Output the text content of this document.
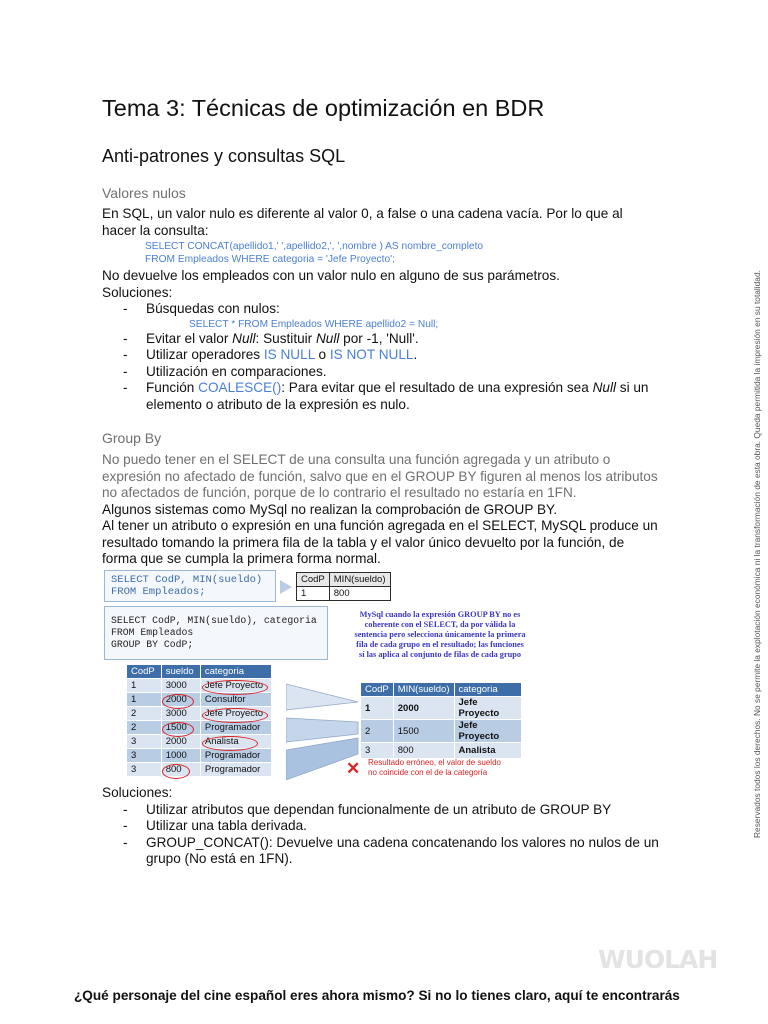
Tema 3: Técnicas de optimización en BDR
Anti-patrones y consultas SQL
Valores nulos
En SQL, un valor nulo es diferente al valor 0, a false o una cadena vacía. Por lo que al
hacer la consulta:
SELECT CONCAT(apellido1,' ',apellido2,', ',nombre ) AS nombre_completo
FROM Empleados WHERE categoria = 'Jefe Proyecto';
No devuelve los empleados con un valor nulo en alguno de sus parámetros.
Soluciones:
- Búsquedas con nulos:
SELECT * FROM Empleados WHERE apellido2 = Null;
- Evitar el valor Null: Sustituir Null por -1, 'Null'.
- Utilizar operadores IS NULL o IS NOT NULL.
- Utilización en comparaciones.
- Función COALESCE(): Para evitar que el resultado de una expresión sea Null si un
elemento o atributo de la expresión es nulo.
Group By
No puedo tener en el SELECT de una consulta una función agregada y un atributo o
expresión no afectado de función, salvo que en el GROUP BY figuren al menos los atributos
no afectados de función, porque de lo contrario el resultado no estaría en 1FN.
Algunos sistemas como MySql no realizan la comprobación de GROUP BY.
Al tener un atributo o expresión en una función agregada en el SELECT, MySQL produce un
resultado tomando la primera fila de la tabla y el valor único devuelto por la función, de
forma que se cumpla la primera forma normal.
SELECT CodP, MIN(sueldo)
FROM Empleados;
CodP	MIN(sueldo)
1	800
SELECT CodP, MIN(sueldo), categoria
FROM Empleados
GROUP BY CodP;
MySql cuando la expresión GROUP BY no es
coherente con el SELECT, da por válida la
sentencia pero selecciona únicamente la primera
fila de cada grupo en el resultado; las funciones
sí las aplica al conjunto de filas de cada grupo
CodP	sueldo	categoria
1	3000	Jefe Proyecto
1	2000	Consultor
2	3000	Jefe Proyecto
2	1500	Programador
3	2000	Analista
3	1000	Programador
3	800	Programador
CodP	MIN(sueldo)	categoria
1	2000	Jefe Proyecto
2	1500	Jefe Proyecto
3	800	Analista
✕ Resultado erróneo, el valor de sueldo
no coincide con el de la categoría
Soluciones:
- Utilizar atributos que dependan funcionalmente de un atributo de GROUP BY
- Utilizar una tabla derivada.
- GROUP_CONCAT(): Devuelve una cadena concatenando los valores no nulos de un
grupo (No está en 1FN).
Reservados todos los derechos. No se permite la explotación económica ni la transformación de esta obra. Queda permitida la impresión en su totalidad.
WUOLAH
¿Qué personaje del cine español eres ahora mismo? Si no lo tienes claro, aquí te encontrarás
